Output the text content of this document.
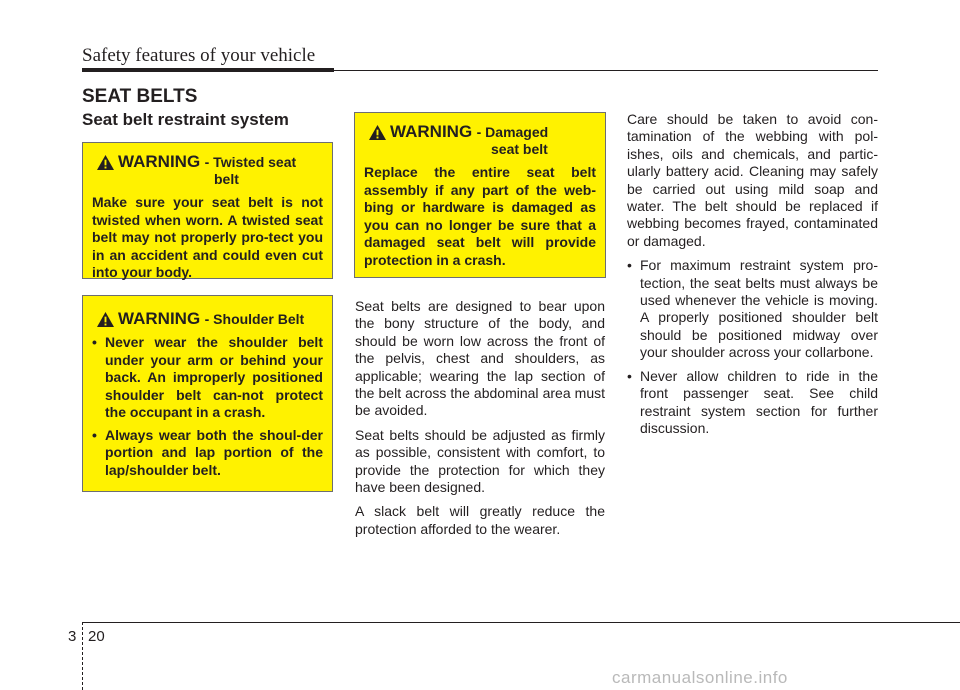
Safety features of your vehicle
SEAT BELTS
Seat belt restraint system
WARNING - Twisted seat
belt
Make sure your seat belt is not twisted when worn. A twisted seat belt may not properly pro-tect you in an accident and could even cut into your body.
WARNING - Shoulder Belt
• Never wear the shoulder belt under your arm or behind your back. An improperly positioned shoulder belt can-not protect the occupant in a crash.
• Always wear both the shoul-der portion and lap portion of the lap/shoulder belt.
WARNING - Damaged
seat belt
Replace the entire seat belt assembly if any part of the web-bing or hardware is damaged as you can no longer be sure that a damaged seat belt will provide protection in a crash.

Seat belts are designed to bear upon the bony structure of the body, and should be worn low across the front of the pelvis, chest and shoulders, as applicable; wearing the lap section of the belt across the abdominal area must be avoided.

Seat belts should be adjusted as firmly as possible, consistent with comfort, to provide the protection for which they have been designed.

A slack belt will greatly reduce the protection afforded to the wearer.

Care should be taken to avoid con-tamination of the webbing with pol-ishes, oils and chemicals, and partic-ularly battery acid. Cleaning may safely be carried out using mild soap and water. The belt should be replaced if webbing becomes frayed, contaminated or damaged.

• For maximum restraint system pro-tection, the seat belts must always be used whenever the vehicle is moving. A properly positioned shoulder belt should be positioned midway over your shoulder across your collarbone.
• Never allow children to ride in the front passenger seat. See child restraint system section for further discussion.
3 20
carmanualsonline.info
